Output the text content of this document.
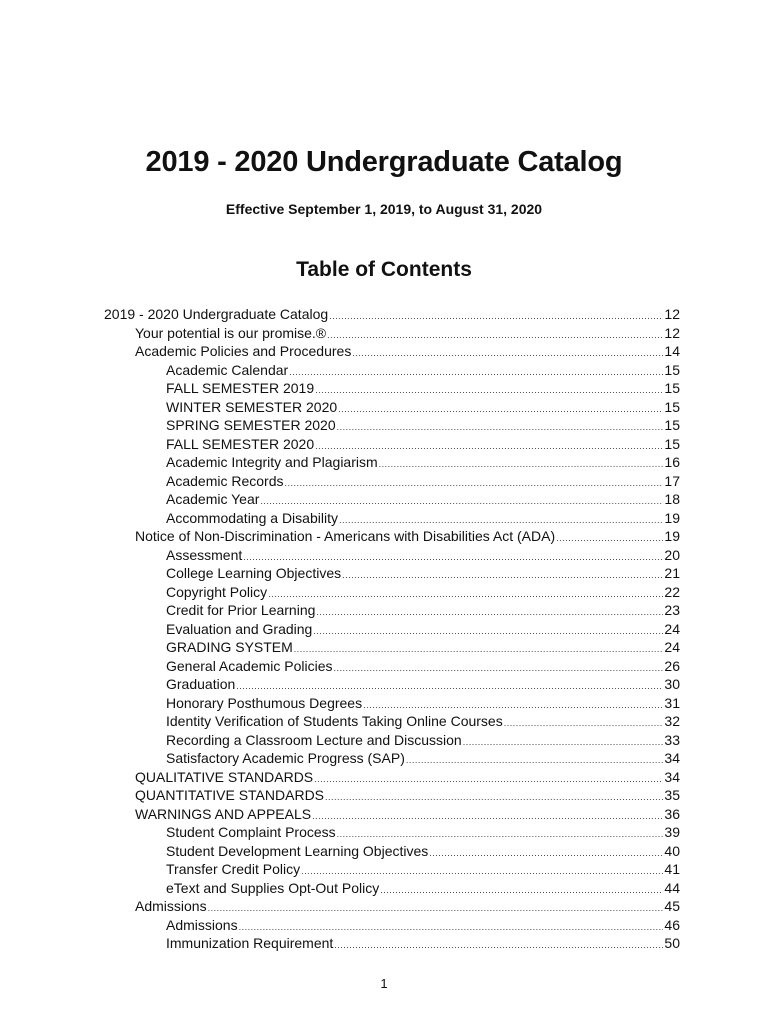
2019 - 2020 Undergraduate Catalog

Effective September 1, 2019, to August 31, 2020

Table of Contents
2019 - 2020 Undergraduate Catalog .....	12
Your potential is our promise.® .....	12
Academic Policies and Procedures .....	14
Academic Calendar .....	15
FALL SEMESTER 2019 .....	15
WINTER SEMESTER 2020 .....	15
SPRING SEMESTER 2020 .....	15
FALL SEMESTER 2020 .....	15
Academic Integrity and Plagiarism .....	16
Academic Records .....	17
Academic Year .....	18
Accommodating a Disability .....	19
Notice of Non-Discrimination - Americans with Disabilities Act (ADA) .....	19
Assessment .....	20
College Learning Objectives .....	21
Copyright Policy .....	22
Credit for Prior Learning .....	23
Evaluation and Grading .....	24
GRADING SYSTEM .....	24
General Academic Policies .....	26
Graduation .....	30
Honorary Posthumous Degrees .....	31
Identity Verification of Students Taking Online Courses .....	32
Recording a Classroom Lecture and Discussion .....	33
Satisfactory Academic Progress (SAP) .....	34
QUALITATIVE STANDARDS .....	34
QUANTITATIVE STANDARDS .....	35
WARNINGS AND APPEALS .....	36
Student Complaint Process .....	39
Student Development Learning Objectives .....	40
Transfer Credit Policy .....	41
eText and Supplies Opt-Out Policy .....	44
Admissions .....	45
Admissions .....	46
Immunization Requirement .....	50

1
